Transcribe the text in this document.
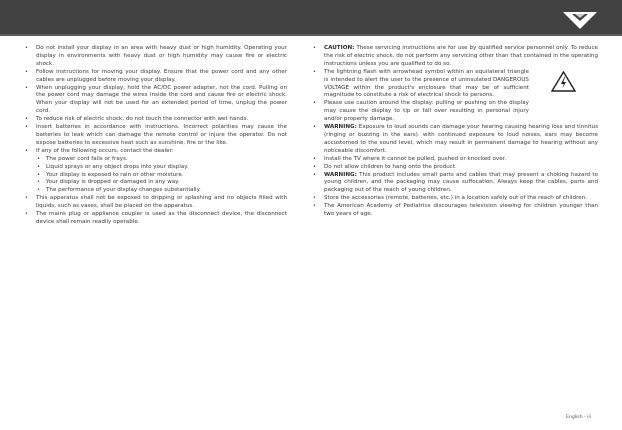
• Do not install your display in an area with heavy dust or high humidity. Operating your display in environments with heavy dust or high humidity may cause fire or electric shock.
• Follow instructions for moving your display. Ensure that the power cord and any other cables are unplugged before moving your display.
• When unplugging your display, hold the AC/DC power adapter, not the cord. Pulling on the power cord may damage the wires inside the cord and cause fire or electric shock. When your display will not be used for an extended period of time, unplug the power cord.
• To reduce risk of electric shock, do not touch the connector with wet hands.
• Insert batteries in accordance with instructions. Incorrect polarities may cause the batteries to leak which can damage the remote control or injure the operator. Do not expose batteries to excessive heat such as sunshine, fire or the like.
• If any of the following occurs, contact the dealer:
• The power cord fails or frays.
• Liquid sprays or any object drops into your display.
• Your display is exposed to rain or other moisture.
• Your display is dropped or damaged in any way.
• The performance of your display changes substantially.
• This apparatus shall not be exposed to dripping or splashing and no objects filled with liquids, such as vases, shall be placed on the apparatus.
• The mains plug or appliance coupler is used as the disconnect device, the disconnect device shall remain readily operable.
• CAUTION: These servicing instructions are for use by qualified service personnel only. To reduce the risk of electric shock, do not perform any servicing other than that contained in the operating instructions unless you are qualified to do so.
• The lightning flash with arrowhead symbol within an equilateral triangle is intended to alert the user to the presence of uninsulated DANGEROUS VOLTAGE within the product's enclosure that may be of sufficient magnitude to constitute a risk of electrical shock to persons.
• Please use caution around the display: pulling or pushing on the display may cause the display to tip or fall over resulting in personal injury and/or property damage.
• WARNING: Exposure to loud sounds can damage your hearing causing hearing loss and tinnitus (ringing or buzzing in the ears). with continued exposure to loud noises, ears may become accustomed to the sound level, which may result in permanent damage to hearing without any noticeable discomfort.
• Install the TV where it cannot be pulled, pushed or knocked over.
• Do not allow children to hang onto the product.
• WARNING: This product includes small parts and cables that may present a choking hazard to young children, and the packaging may cause suffocation. Always keep the cables, parts and packaging out of the reach of young children.
• Store the accessories (remote, batteries, etc.) in a location safely out of the reach of children.
• The American Academy of Pediatrics discourages television viewing for children younger than two years of age.
English - iii
